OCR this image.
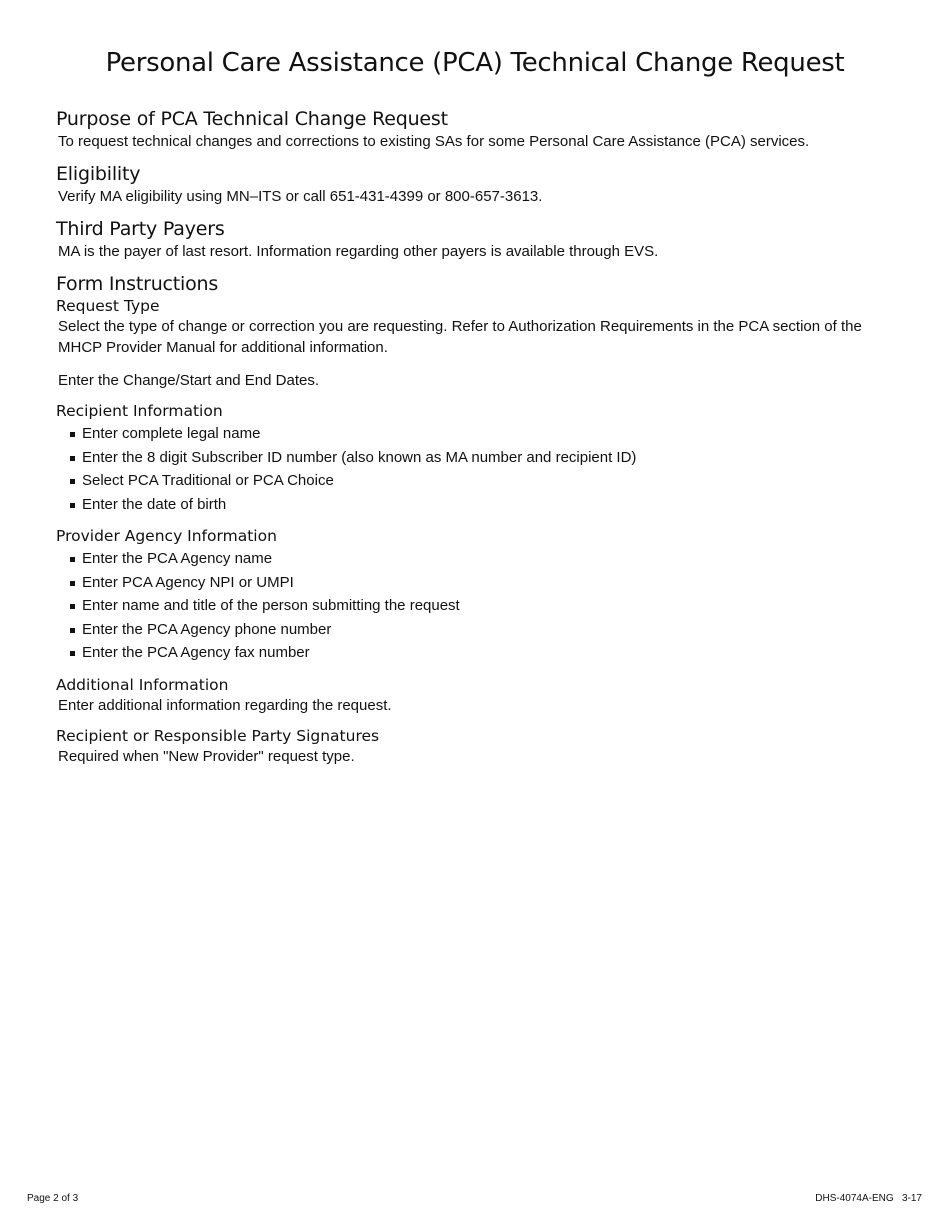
Personal Care Assistance (PCA) Technical Change Request
Purpose of PCA Technical Change Request

To request technical changes and corrections to existing SAs for some Personal Care Assistance (PCA) services.

Eligibility

Verify MA eligibility using MN–ITS or call 651-431-4399 or 800-657-3613.

Third Party Payers

MA is the payer of last resort. Information regarding other payers is available through EVS.

Form Instructions
Request Type

Select the type of change or correction you are requesting. Refer to Authorization Requirements in the PCA section of the MHCP Provider Manual for additional information.

Enter the Change/Start and End Dates.

Recipient Information
Enter complete legal name
Enter the 8 digit Subscriber ID number (also known as MA number and recipient ID)
Select PCA Traditional or PCA Choice
Enter the date of birth
Provider Agency Information
Enter the PCA Agency name
Enter PCA Agency NPI or UMPI
Enter name and title of the person submitting the request
Enter the PCA Agency phone number
Enter the PCA Agency fax number
Additional Information

Enter additional information regarding the request.

Recipient or Responsible Party Signatures

Required when "New Provider" request type.

Page 2 of 3	DHS-4074A-ENG   3-17
